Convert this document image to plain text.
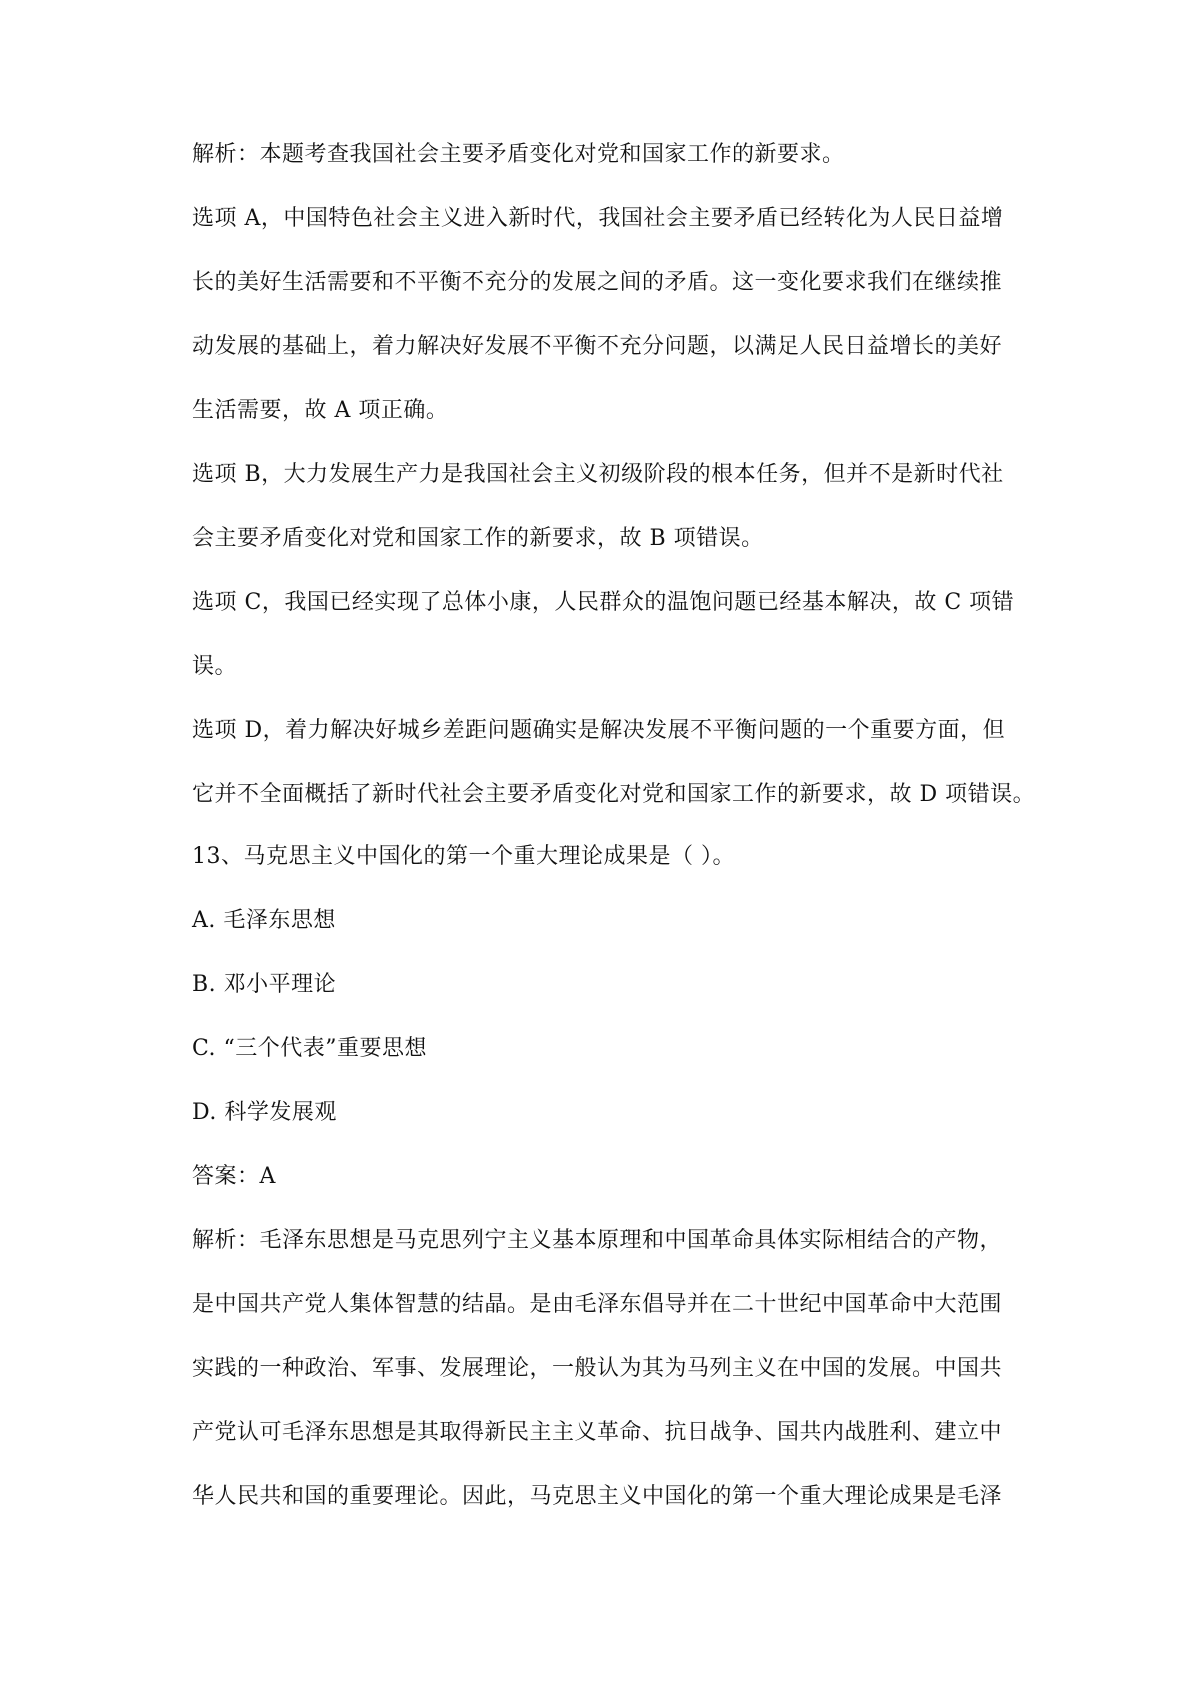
解析：本题考查我国社会主要矛盾变化对党和国家工作的新要求。
选项 A，中国特色社会主义进入新时代，我国社会主要矛盾已经转化为人民日益增
长的美好生活需要和不平衡不充分的发展之间的矛盾。这一变化要求我们在继续推
动发展的基础上，着力解决好发展不平衡不充分问题，以满足人民日益增长的美好
生活需要，故 A 项正确。
选项 B，大力发展生产力是我国社会主义初级阶段的根本任务，但并不是新时代社
会主要矛盾变化对党和国家工作的新要求，故 B 项错误。
选项 C，我国已经实现了总体小康，人民群众的温饱问题已经基本解决，故 C 项错
误。
选项 D，着力解决好城乡差距问题确实是解决发展不平衡问题的一个重要方面，但
它并不全面概括了新时代社会主要矛盾变化对党和国家工作的新要求，故 D 项错误。
13、马克思主义中国化的第一个重大理论成果是（ ）。
A. 毛泽东思想
B. 邓小平理论
C. “三个代表”重要思想
D. 科学发展观
答案：A
解析：毛泽东思想是马克思列宁主义基本原理和中国革命具体实际相结合的产物，
是中国共产党人集体智慧的结晶。是由毛泽东倡导并在二十世纪中国革命中大范围
实践的一种政治、军事、发展理论，一般认为其为马列主义在中国的发展。中国共
产党认可毛泽东思想是其取得新民主主义革命、抗日战争、国共内战胜利、建立中
华人民共和国的重要理论。因此，马克思主义中国化的第一个重大理论成果是毛泽
